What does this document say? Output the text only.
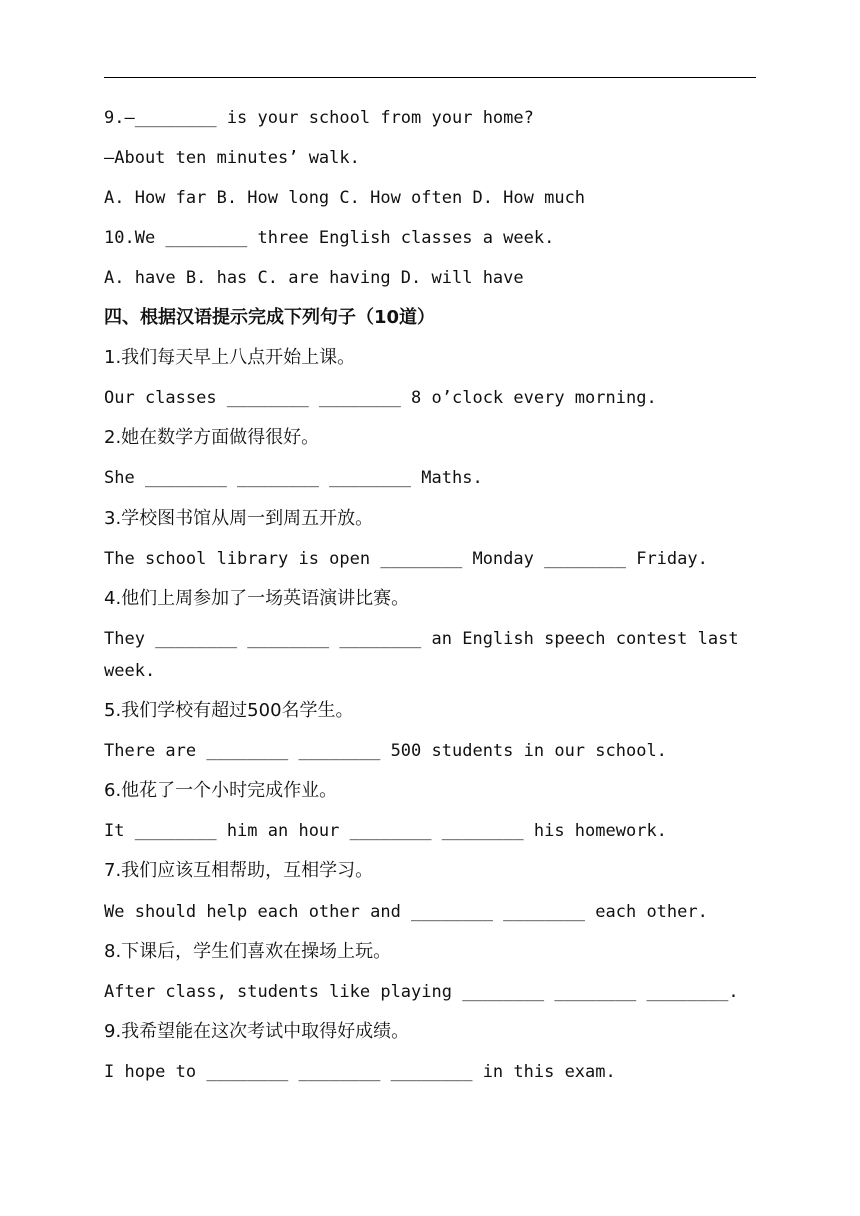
9.—________ is your school from your home?
—About ten minutes’ walk.
A. How far B. How long C. How often D. How much
10.We ________ three English classes a week.
A. have B. has C. are having D. will have
四、根据汉语提示完成下列句子（10道）
1.我们每天早上八点开始上课。
Our classes ________ ________ 8 o’clock every morning.
2.她在数学方面做得很好。
She ________ ________ ________ Maths.
3.学校图书馆从周一到周五开放。
The school library is open ________ Monday ________ Friday.
4.他们上周参加了一场英语演讲比赛。
They ________ ________ ________ an English speech contest last
week.
5.我们学校有超过500名学生。
There are ________ ________ 500 students in our school.
6.他花了一个小时完成作业。
It ________ him an hour ________ ________ his homework.
7.我们应该互相帮助，互相学习。
We should help each other and ________ ________ each other.
8.下课后，学生们喜欢在操场上玩。
After class, students like playing ________ ________ ________.
9.我希望能在这次考试中取得好成绩。
I hope to ________ ________ ________ in this exam.
